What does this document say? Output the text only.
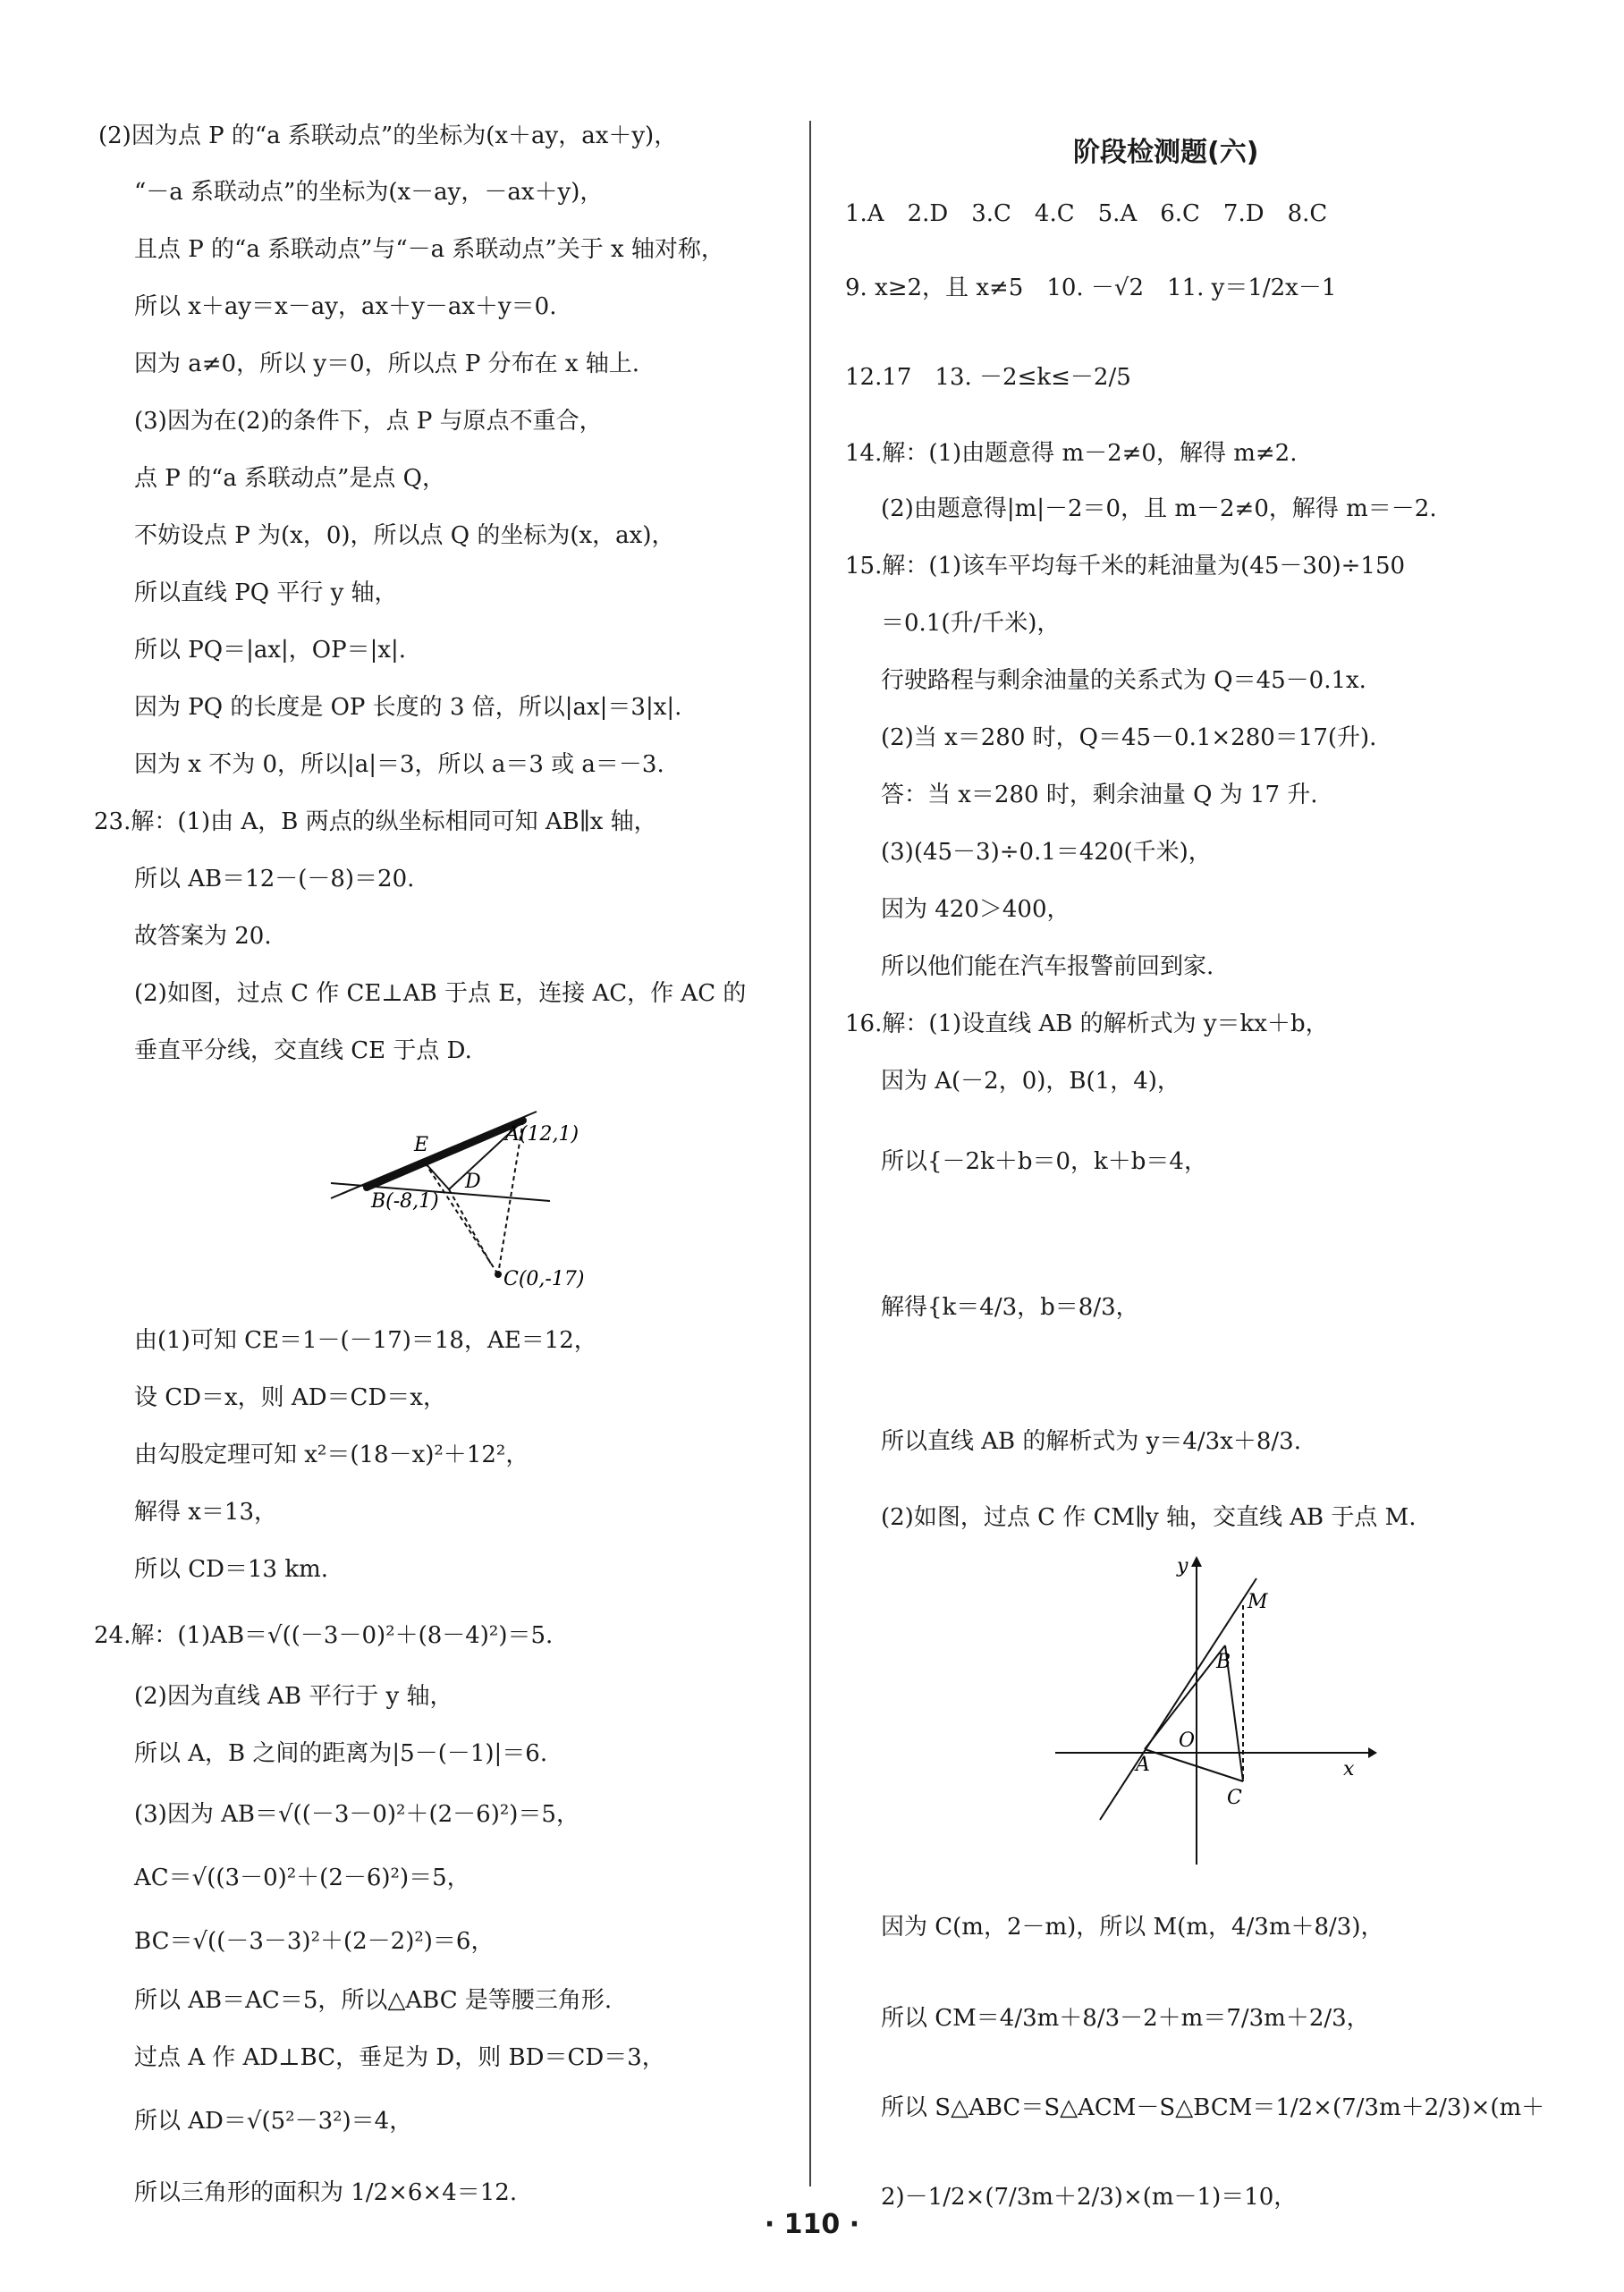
(2)因为点 P 的“a 系联动点”的坐标为(x＋ay，ax＋y)，
“－a 系联动点”的坐标为(x－ay，－ax＋y)，
且点 P 的“a 系联动点”与“－a 系联动点”关于 x 轴对称，
所以 x＋ay＝x－ay，ax＋y－ax＋y＝0.
因为 a≠0，所以 y＝0，所以点 P 分布在 x 轴上.
(3)因为在(2)的条件下，点 P 与原点不重合，
点 P 的“a 系联动点”是点 Q，
不妨设点 P 为(x，0)，所以点 Q 的坐标为(x，ax)，
所以直线 PQ 平行 y 轴，
所以 PQ＝|ax|，OP＝|x|.
因为 PQ 的长度是 OP 长度的 3 倍，所以|ax|＝3|x|.
因为 x 不为 0，所以|a|＝3，所以 a＝3 或 a＝－3.
23.解：(1)由 A，B 两点的纵坐标相同可知 AB∥x 轴，
所以 AB＝12－(－8)＝20.
故答案为 20.
(2)如图，过点 C 作 CE⊥AB 于点 E，连接 AC，作 AC 的
垂直平分线，交直线 CE 于点 D.
E	A(12,1)
D
B(-8,1)
C(0,-17)
由(1)可知 CE＝1－(－17)＝18，AE＝12，
设 CD＝x，则 AD＝CD＝x，
由勾股定理可知 x²＝(18－x)²＋12²，
解得 x＝13，
所以 CD＝13 km.
24.解：(1)AB＝√((－3－0)²＋(8－4)²)＝5.
(2)因为直线 AB 平行于 y 轴，
所以 A，B 之间的距离为|5－(－1)|＝6.
(3)因为 AB＝√((－3－0)²＋(2－6)²)＝5，
AC＝√((3－0)²＋(2－6)²)＝5，
BC＝√((－3－3)²＋(2－2)²)＝6，
所以 AB＝AC＝5，所以△ABC 是等腰三角形.
过点 A 作 AD⊥BC，垂足为 D，则 BD＝CD＝3，
所以 AD＝√(5²－3²)＝4，
所以三角形的面积为 1/2×6×4＝12.
阶段检测题(六)
1.A　2.D　3.C　4.C　5.A　6.C　7.D　8.C
9. x≥2，且 x≠5　10. －√2　11. y＝1/2x－1
12.17　13. －2≤k≤－2/5
14.解：(1)由题意得 m－2≠0，解得 m≠2.
(2)由题意得|m|－2＝0，且 m－2≠0，解得 m＝－2.
15.解：(1)该车平均每千米的耗油量为(45－30)÷150
＝0.1(升/千米)，
行驶路程与剩余油量的关系式为 Q＝45－0.1x.
(2)当 x＝280 时，Q＝45－0.1×280＝17(升).
答：当 x＝280 时，剩余油量 Q 为 17 升.
(3)(45－3)÷0.1＝420(千米)，
因为 420＞400，
所以他们能在汽车报警前回到家.
16.解：(1)设直线 AB 的解析式为 y＝kx＋b，
因为 A(－2，0)，B(1，4)，
所以{－2k＋b＝0，k＋b＝4，
解得{k＝4/3，b＝8/3，
所以直线 AB 的解析式为 y＝4/3x＋8/3.
(2)如图，过点 C 作 CM∥y 轴，交直线 AB 于点 M.
y
x
M
B
O
A
C
因为 C(m，2－m)，所以 M(m，4/3m＋8/3)，
所以 CM＝4/3m＋8/3－2＋m＝7/3m＋2/3，
所以 S△ABC＝S△ACM－S△BCM＝1/2×(7/3m＋2/3)×(m＋
2)－1/2×(7/3m＋2/3)×(m－1)＝10，
· 110 ·
